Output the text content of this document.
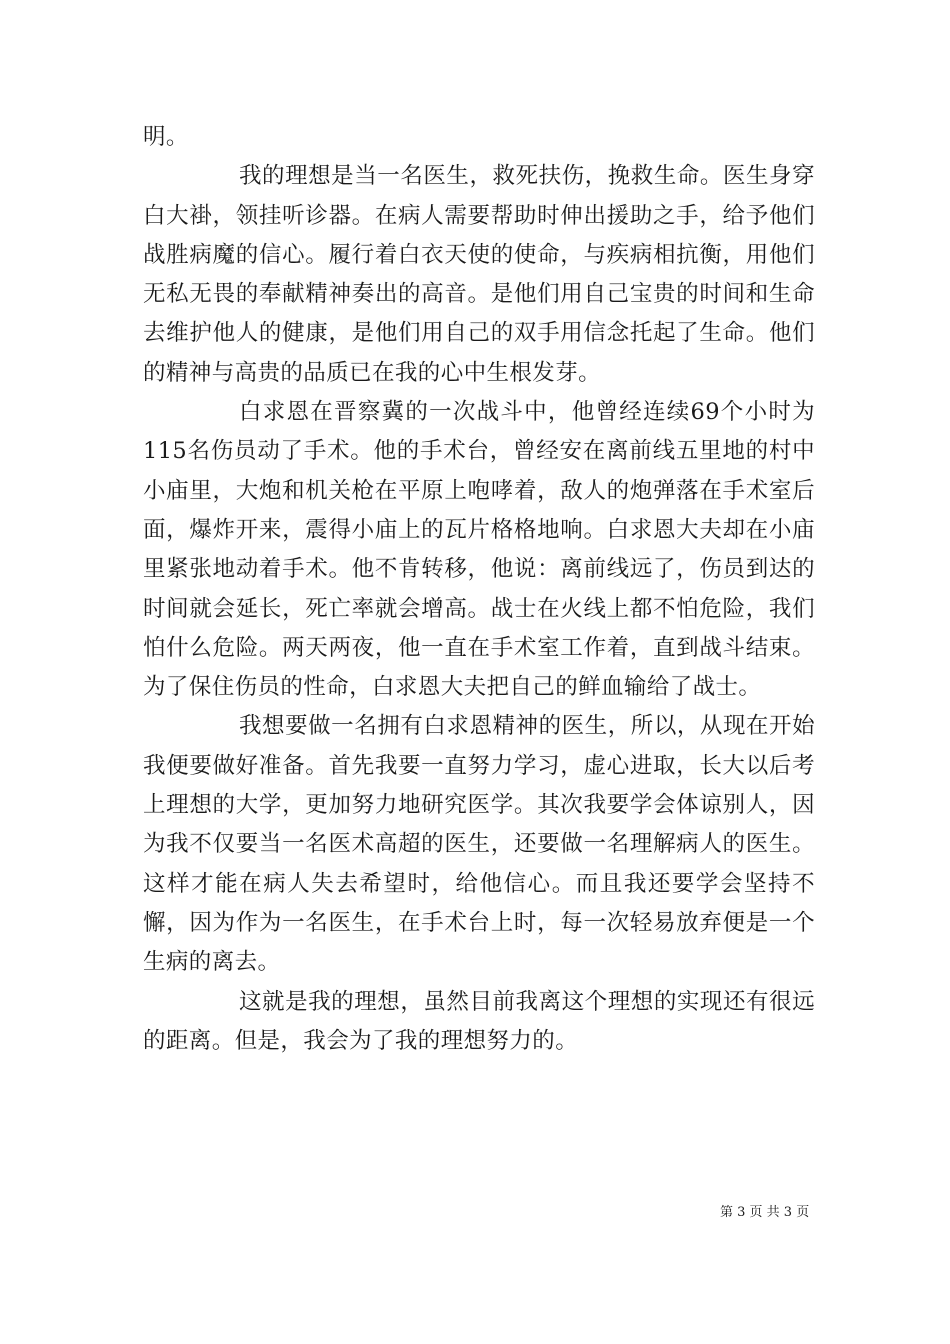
明。

我的理想是当一名医生，救死扶伤，挽救生命。医生身穿白大褂，领挂听诊器。在病人需要帮助时伸出援助之手，给予他们战胜病魔的信心。履行着白衣天使的使命，与疾病相抗衡，用他们无私无畏的奉献精神奏出的高音。是他们用自己宝贵的时间和生命去维护他人的健康，是他们用自己的双手用信念托起了生命。他们的精神与高贵的品质已在我的心中生根发芽。

白求恩在晋察冀的一次战斗中，他曾经连续69个小时为115名伤员动了手术。他的手术台，曾经安在离前线五里地的村中小庙里，大炮和机关枪在平原上咆哮着，敌人的炮弹落在手术室后面，爆炸开来，震得小庙上的瓦片格格地响。白求恩大夫却在小庙里紧张地动着手术。他不肯转移，他说：离前线远了，伤员到达的时间就会延长，死亡率就会增高。战士在火线上都不怕危险，我们怕什么危险。两天两夜，他一直在手术室工作着，直到战斗结束。为了保住伤员的性命，白求恩大夫把自己的鲜血输给了战士。

我想要做一名拥有白求恩精神的医生，所以，从现在开始我便要做好准备。首先我要一直努力学习，虚心进取，长大以后考上理想的大学，更加努力地研究医学。其次我要学会体谅别人，因为我不仅要当一名医术高超的医生，还要做一名理解病人的医生。这样才能在病人失去希望时，给他信心。而且我还要学会坚持不懈，因为作为一名医生，在手术台上时，每一次轻易放弃便是一个生病的离去。

这就是我的理想，虽然目前我离这个理想的实现还有很远的距离。但是，我会为了我的理想努力的。

第 3 页 共 3 页
